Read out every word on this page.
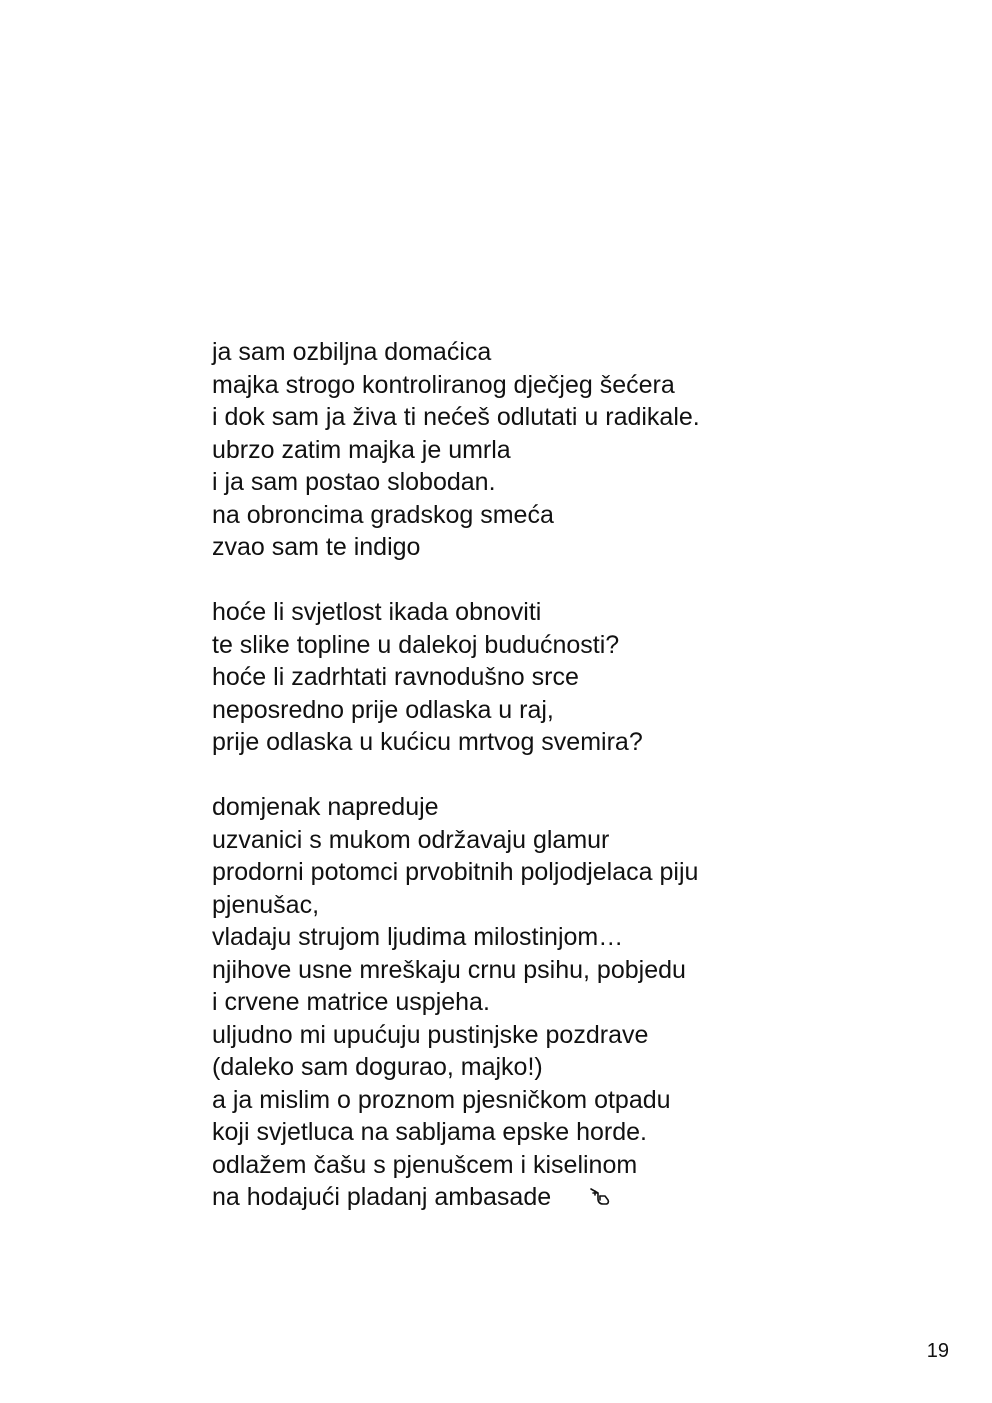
ja sam ozbiljna domaćica
majka strogo kontroliranog dječjeg šećera
i dok sam ja živa ti nećeš odlutati u radikale.
ubrzo zatim majka je umrla
i ja sam postao slobodan.
na obroncima gradskog smeća
zvao sam te indigo
hoće li svjetlost ikada obnoviti
te slike topline u dalekoj budućnosti?
hoće li zadrhtati ravnodušno srce
neposredno prije odlaska u raj,
prije odlaska u kućicu mrtvog svemira?
domjenak napreduje
uzvanici s mukom održavaju glamur
prodorni potomci prvobitnih poljodjelaca piju
pjenušac,
vladaju strujom ljudima milostinjom…
njihove usne mreškaju crnu psihu, pobjedu
i crvene matrice uspjeha.
uljudno mi upućuju pustinjske pozdrave
(daleko sam dogurao, majko!)
a ja mislim o proznom pjesničkom otpadu
koji svjetluca na sabljama epske horde.
odlažem čašu s pjenušcem i kiselinom
na hodajući pladanj ambasade
19
